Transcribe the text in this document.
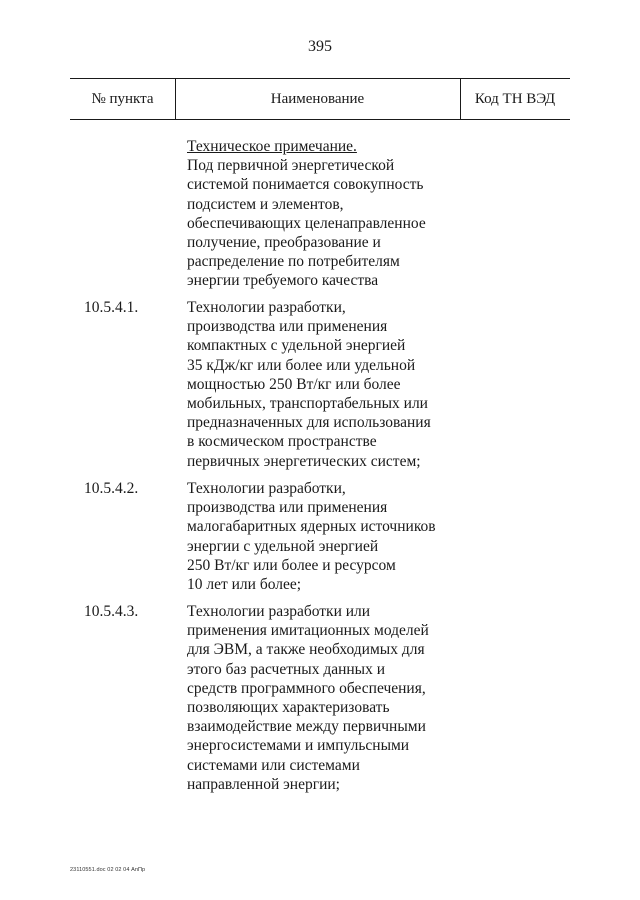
395
№ пункта	Наименование	Код ТН ВЭД
Техническое примечание.
Под первичной энергетической
системой понимается совокупность
подсистем и элементов,
обеспечивающих целенаправленное
получение, преобразование и
распределение по потребителям
энергии требуемого качества
10.5.4.1.	Технологии разработки,
производства или применения
компактных с удельной энергией
35 кДж/кг или более или удельной
мощностью 250 Вт/кг или более
мобильных, транспортабельных или
предназначенных для использования
в космическом пространстве
первичных энергетических систем;
10.5.4.2.	Технологии разработки,
производства или применения
малогабаритных ядерных источников
энергии с удельной энергией
250 Вт/кг или более и ресурсом
10 лет или более;
10.5.4.3.	Технологии разработки или
применения имитационных моделей
для ЭВМ, а также необходимых для
этого баз расчетных данных и
средств программного обеспечения,
позволяющих характеризовать
взаимодействие между первичными
энергосистемами и импульсными
системами или системами
направленной энергии;
23110551.doc 02 02 04 АпПр
